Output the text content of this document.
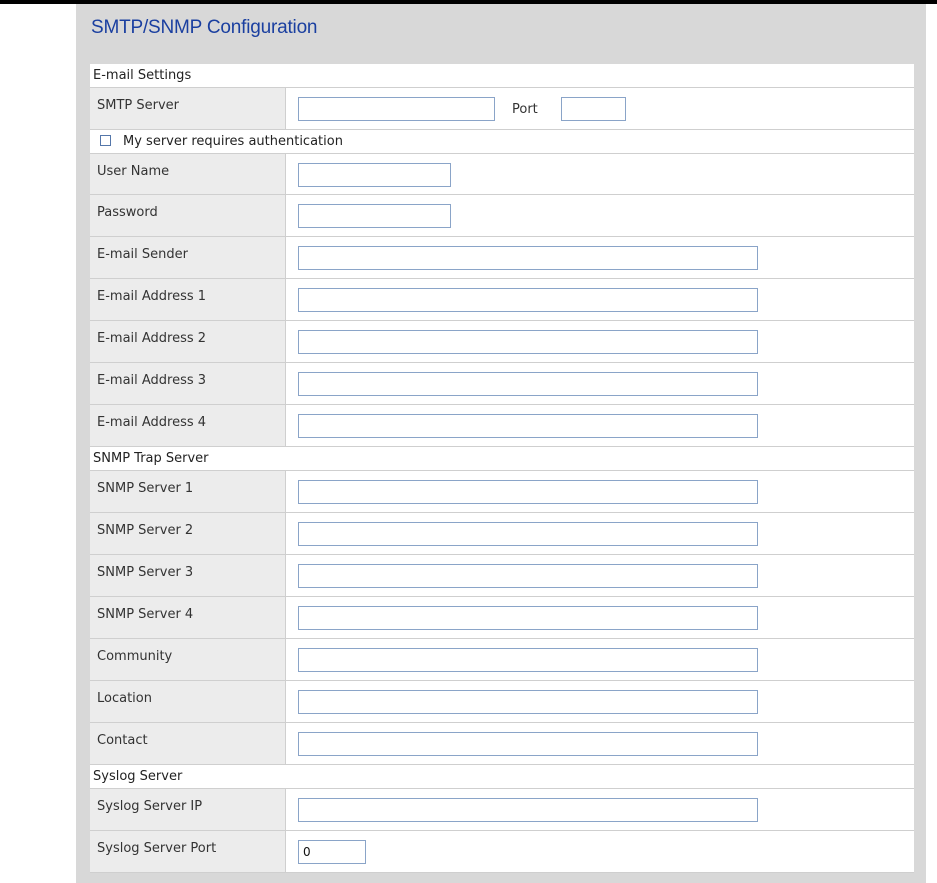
SMTP/SNMP Configuration
E-mail Settings
SMTP Server	Port
My server requires authentication
User Name
Password
E-mail Sender
E-mail Address 1
E-mail Address 2
E-mail Address 3
E-mail Address 4
SNMP Trap Server
SNMP Server 1
SNMP Server 2
SNMP Server 3
SNMP Server 4
Community
Location
Contact
Syslog Server
Syslog Server IP
Syslog Server Port	0
